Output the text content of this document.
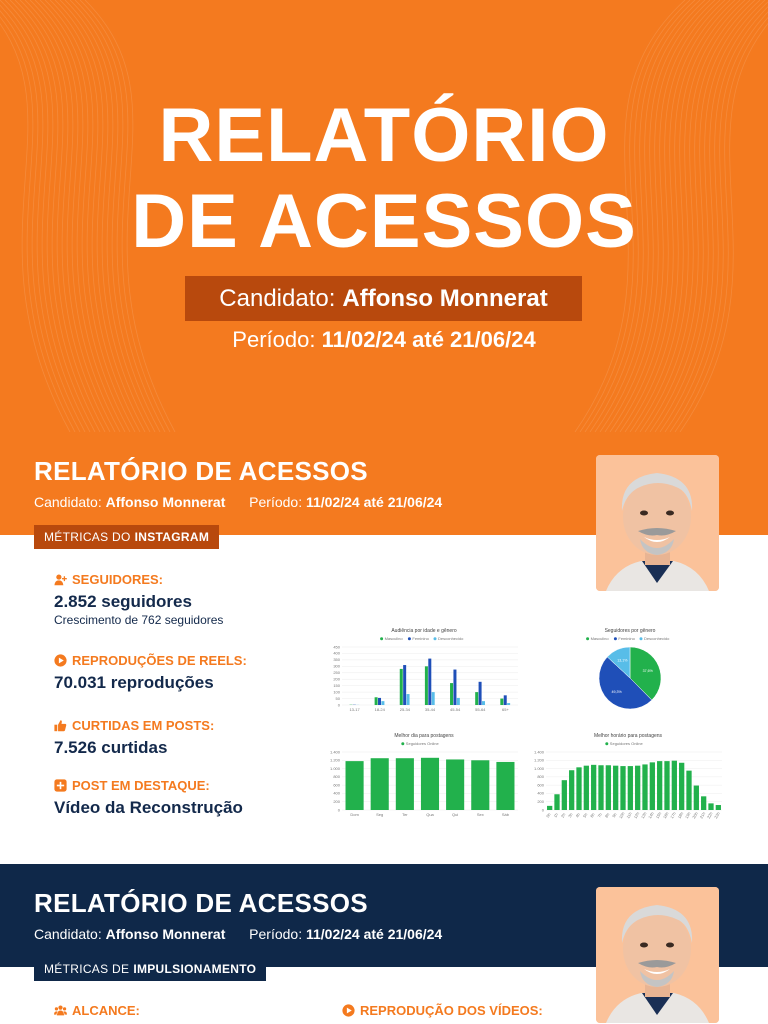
RELATÓRIO
DE ACESSOS
Candidato: Affonso Monnerat
Período: 11/02/24 até 21/06/24
RELATÓRIO DE ACESSOS
Candidato: Affonso Monnerat Período: 11/02/24 até 21/06/24
MÉTRICAS DO INSTAGRAM
SEGUIDORES:
2.852 seguidores
Crescimento de 762 seguidores
REPRODUÇÕES DE REELS:
70.031 reproduções
CURTIDAS EM POSTS:
7.526 curtidas
POST EM DESTAQUE:
Vídeo da Reconstrução
Audiência por idade e gênero
Masculino Feminino Desconhecido
450
400
350
300
250
200
150
100
50
0
13-17	18-24	25-34	35-44	45-54	55-64	65+
Seguidores por gênero
Masculino Feminino Desconhecido
37,6%
49,3%
13,1%
Melhor dia para postagens
Seguidores Online
1.400
1.200
1.000
800
600
400
200
0
Dom	Seg	Ter	Qua	Qui	Sex	Sáb
Melhor horário para postagens
Seguidores Online
1.400
1.200
1.000
800
600
400
200
0
0h 1h 2h 3h 4h 5h 6h 7h 8h 9h 10h 11h 12h 13h 14h 15h 16h 17h 18h 19h 20h 21h 22h 23h
RELATÓRIO DE ACESSOS
Candidato: Affonso Monnerat Período: 11/02/24 até 21/06/24
MÉTRICAS DE IMPULSIONAMENTO
ALCANCE:	REPRODUÇÃO DOS VÍDEOS:
